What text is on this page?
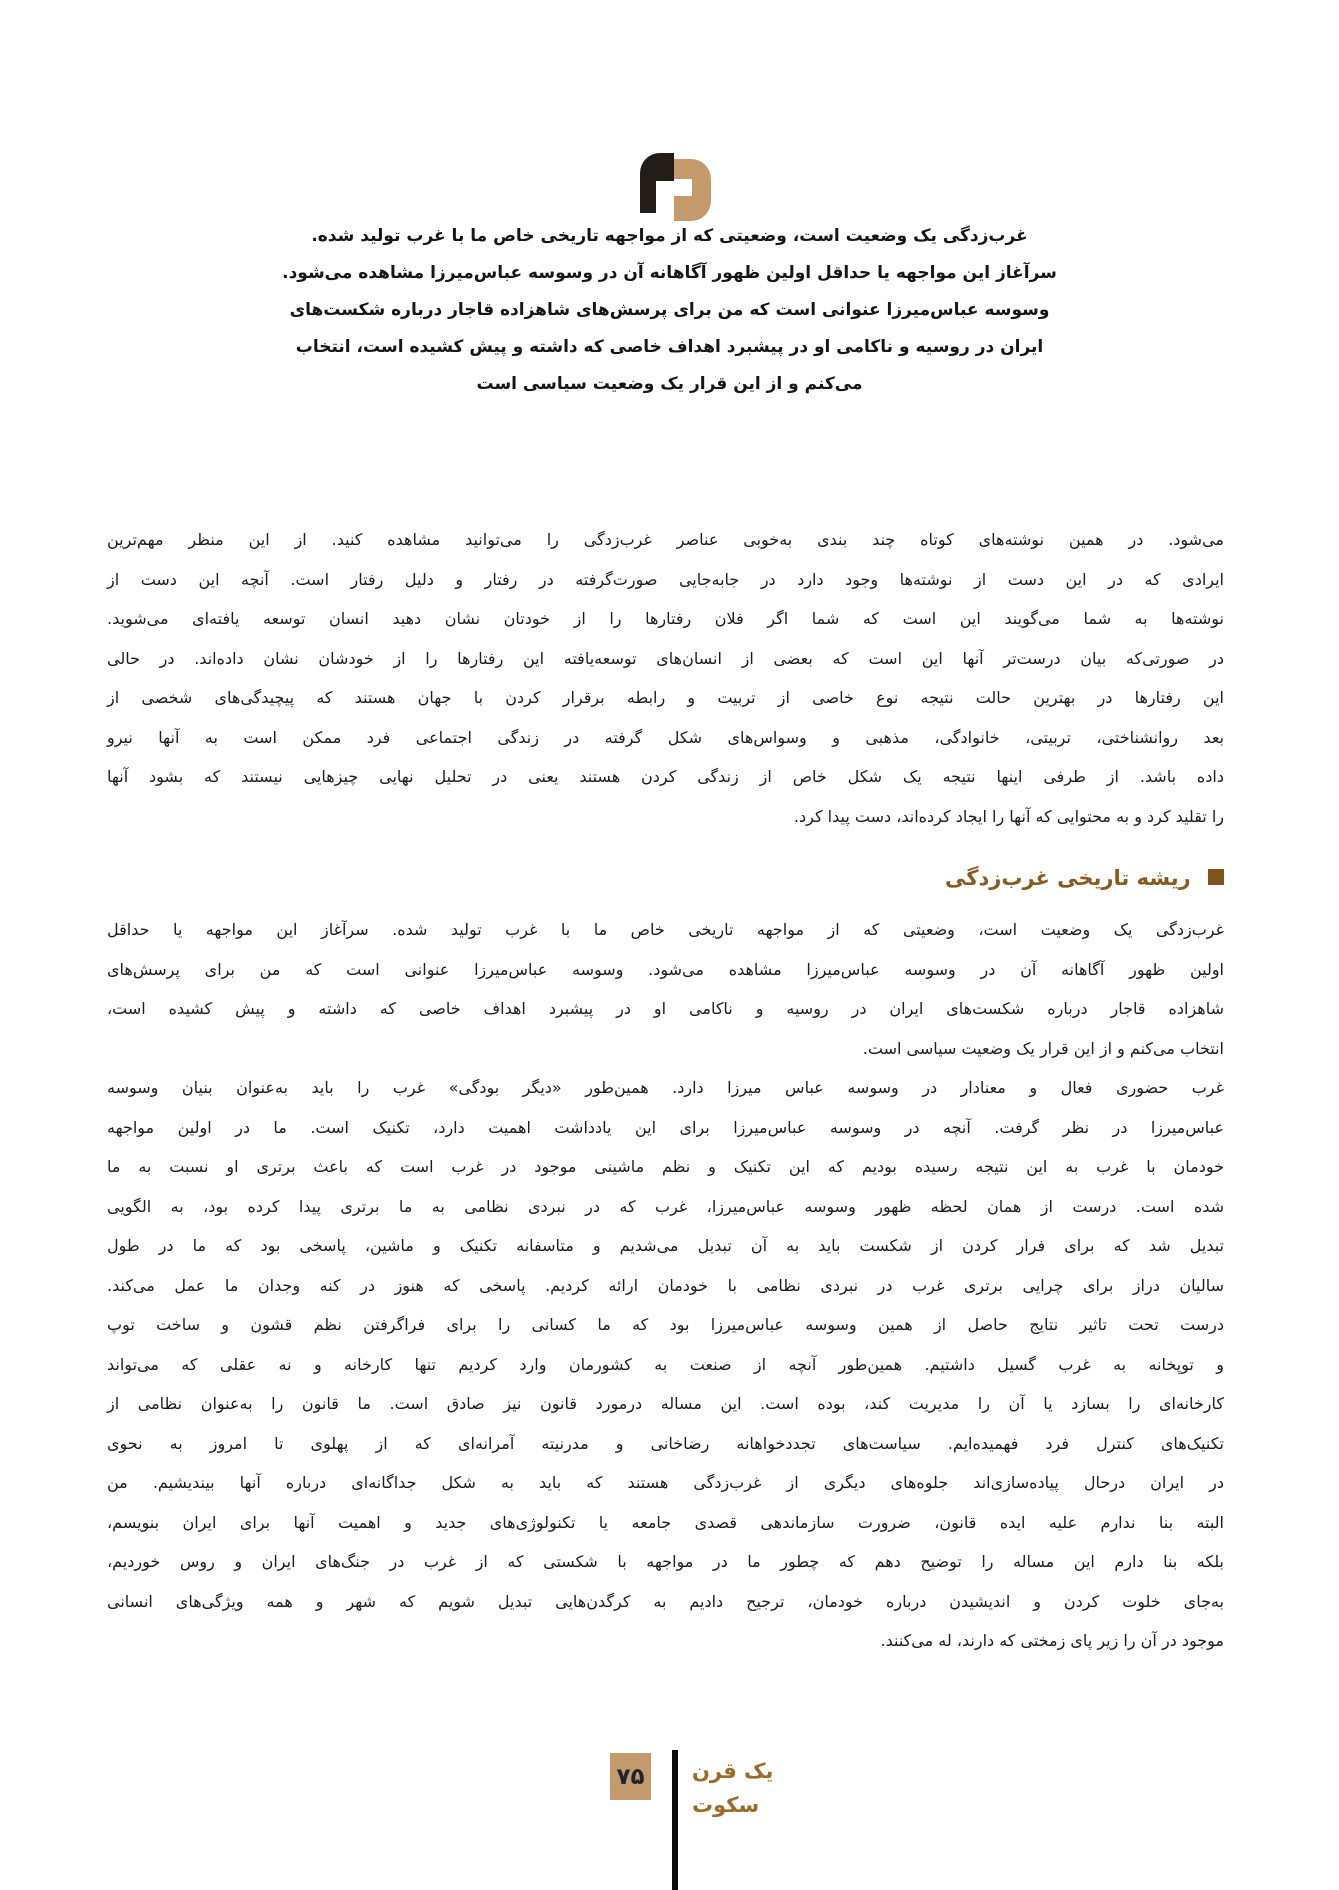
غرب‌زدگی یک وضعیت است، وضعیتی که از مواجهه تاریخی خاص ما با غرب تولید شده.
سرآغاز این مواجهه یا حداقل اولین ظهور آگاهانه آن در وسوسه عباس‌میرزا مشاهده می‌شود.
وسوسه عباس‌میرزا عنوانی است که من برای پرسش‌های شاهزاده قاجار درباره شکست‌های
ایران در روسیه و ناکامی او در پیشبرد اهداف خاصی که داشته و پیش کشیده است، انتخاب
می‌کنم و از این قرار یک وضعیت سیاسی است
می‌شود. در همین نوشته‌های کوتاه چند بندی به‌خوبی عناصر غرب‌زدگی را می‌توانید مشاهده کنید. از این منظر مهم‌ترین
ایرادی که در این دست از نوشته‌ها وجود دارد در جابه‌جایی صورت‌گرفته در رفتار و دلیل رفتار است. آنچه این دست از
نوشته‌ها به شما می‌گویند این است که شما اگر فلان رفتارها را از خودتان نشان دهید انسان توسعه یافته‌ای می‌شوید.
در صورتی‌که بیان درست‌تر آنها این است که بعضی از انسان‌های توسعه‌یافته این رفتارها را از خودشان نشان داده‌اند. در حالی
این رفتارها در بهترین حالت نتیجه نوع خاصی از تربیت و رابطه برقرار کردن با جهان هستند که پیچیدگی‌های شخصی از
بعد روانشناختی، تربیتی، خانوادگی، مذهبی و وسواس‌های شکل گرفته در زندگی اجتماعی فرد ممکن است به آنها نیرو
داده باشد. از طرفی اینها نتیجه یک شکل خاص از زندگی کردن هستند یعنی در تحلیل نهایی چیزهایی نیستند که بشود آنها
را تقلید کرد و به محتوایی که آنها را ایجاد کرده‌اند، دست پیدا کرد.
ریشه تاریخی غرب‌زدگی
غرب‌زدگی یک وضعیت است، وضعیتی که از مواجهه تاریخی خاص ما با غرب تولید شده. سرآغاز این مواجهه یا حداقل
اولین ظهور آگاهانه آن در وسوسه عباس‌میرزا مشاهده می‌شود. وسوسه عباس‌میرزا عنوانی است که من برای پرسش‌های
شاهزاده قاجار درباره شکست‌های ایران در روسیه و ناکامی او در پیشبرد اهداف خاصی که داشته و پیش کشیده است،
انتخاب می‌کنم و از این قرار یک وضعیت سیاسی است.
غرب حضوری فعال و معنادار در وسوسه عباس میرزا دارد. همین‌طور «دیگر بودگی» غرب را باید به‌عنوان بنیان وسوسه
عباس‌میرزا در نظر گرفت. آنچه در وسوسه عباس‌میرزا برای این یادداشت اهمیت دارد، تکنیک است. ما در اولین مواجهه
خودمان با غرب به این نتیجه رسیده بودیم که این تکنیک و نظم ماشینی موجود در غرب است که باعث برتری او نسبت به ما
شده است. درست از همان لحظه ظهور وسوسه عباس‌میرزا، غرب که در نبردی نظامی به ما برتری پیدا کرده بود، به الگویی
تبدیل شد که برای فرار کردن از شکست باید به آن تبدیل می‌شدیم و متاسفانه تکنیک و ماشین، پاسخی بود که ما در طول
سالیان دراز برای چرایی برتری غرب در نبردی نظامی با خودمان ارائه کردیم. پاسخی که هنوز در کنه وجدان ما عمل می‌کند.
درست تحت تاثیر نتایج حاصل از همین وسوسه عباس‌میرزا بود که ما کسانی را برای فراگرفتن نظم قشون و ساخت توپ
و توپخانه به غرب گسیل داشتیم. همین‌طور آنچه از صنعت به کشورمان وارد کردیم تنها کارخانه و نه عقلی که می‌تواند
کارخانه‌ای را بسازد یا آن را مدیریت کند، بوده است. این مساله درمورد قانون نیز صادق است. ما قانون را به‌عنوان نظامی از
تکنیک‌های کنترل فرد فهمیده‌ایم. سیاست‌های تجددخواهانه رضاخانی و مدرنیته آمرانه‌ای که از پهلوی تا امروز به نحوی
در ایران درحال پیاده‌سازی‌اند جلوه‌های دیگری از غرب‌زدگی هستند که باید به شکل جداگانه‌ای درباره آنها بیندیشیم. من
البته بنا ندارم علیه ایده قانون، ضرورت سازماندهی قصدی جامعه یا تکنولوژی‌های جدید و اهمیت آنها برای ایران بنویسم،
بلکه بنا دارم این مساله را توضیح دهم که چطور ما در مواجهه با شکستی که از غرب در جنگ‌های ایران و روس خوردیم،
به‌جای خلوت کردن و اندیشیدن درباره خودمان، ترجیح دادیم به کرگدن‌هایی تبدیل شویم که شهر و همه ویژگی‌های انسانی
موجود در آن را زیر پای زمختی که دارند، له می‌کنند.
۷۵	یک قرن
سکوت
